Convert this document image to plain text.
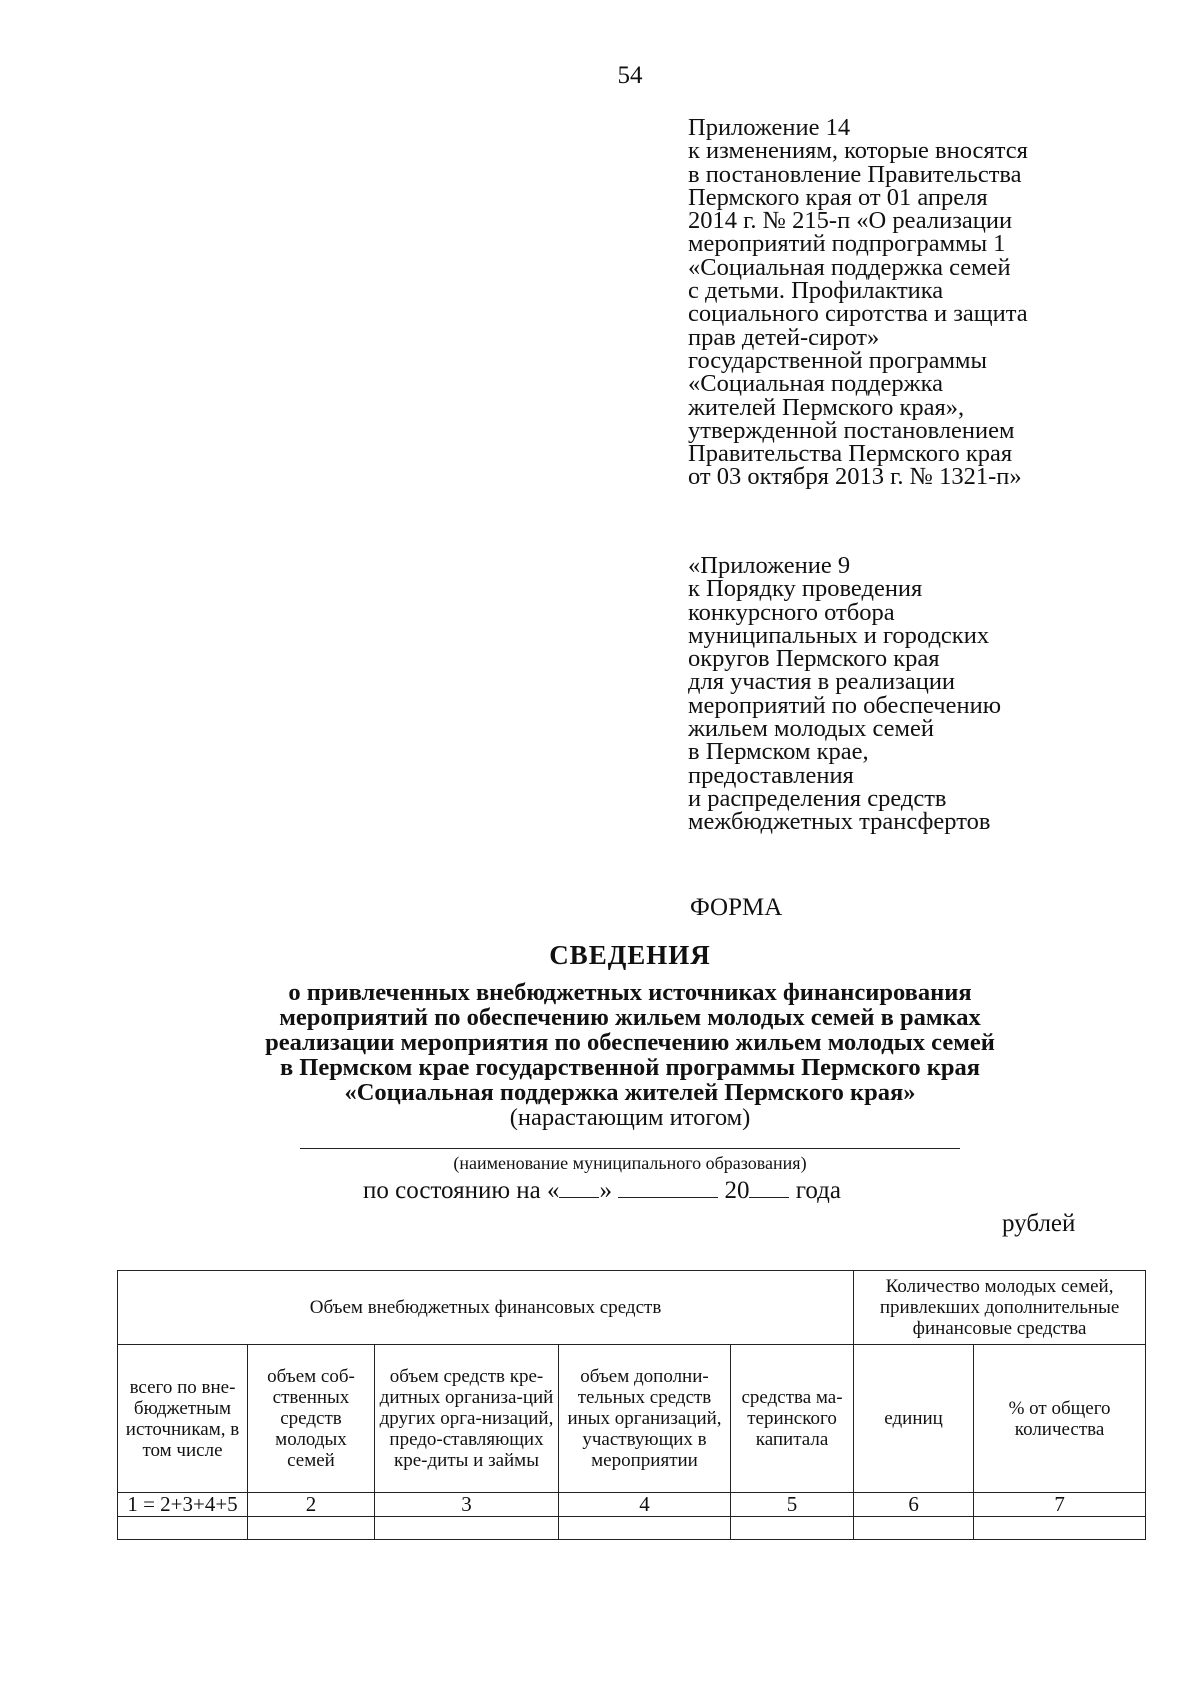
54
Приложение 14
к изменениям, которые вносятся
в постановление Правительства
Пермского края от 01 апреля
2014 г. № 215-п «О реализации
мероприятий подпрограммы 1
«Социальная поддержка семей
с детьми. Профилактика
социального сиротства и защита
прав детей-сирот»
государственной программы
«Социальная поддержка
жителей Пермского края»,
утвержденной постановлением
Правительства Пермского края
от 03 октября 2013 г. № 1321-п»
«Приложение 9
к Порядку проведения
конкурсного отбора
муниципальных и городских
округов Пермского края
для участия в реализации
мероприятий по обеспечению
жильем молодых семей
в Пермском крае,
предоставления
и распределения средств
межбюджетных трансфертов
ФОРМА
СВЕДЕНИЯ
о привлеченных внебюджетных источниках финансирования
мероприятий по обеспечению жильем молодых семей в рамках
реализации мероприятия по обеспечению жильем молодых семей
в Пермском крае государственной программы Пермского края
«Социальная поддержка жителей Пермского края»
(нарастающим итогом)
(наименование муниципального образования)
по состоянию на « »	20 года
рублей
Объем внебюджетных финансовых средств					Количество молодых семей, привлекших дополнительные финансовые средства	
всего по вне-бюджетным источникам, в том числе	объем соб-ственных средств молодых семей	объем средств кре-дитных организа-ций других орга-низаций, предо-ставляющих кре-диты и займы	объем дополни-тельных средств иных организаций, участвующих в мероприятии	средства ма-теринского капитала	единиц	% от общего количества
1 = 2+3+4+5	2	3	4	5	6	7
